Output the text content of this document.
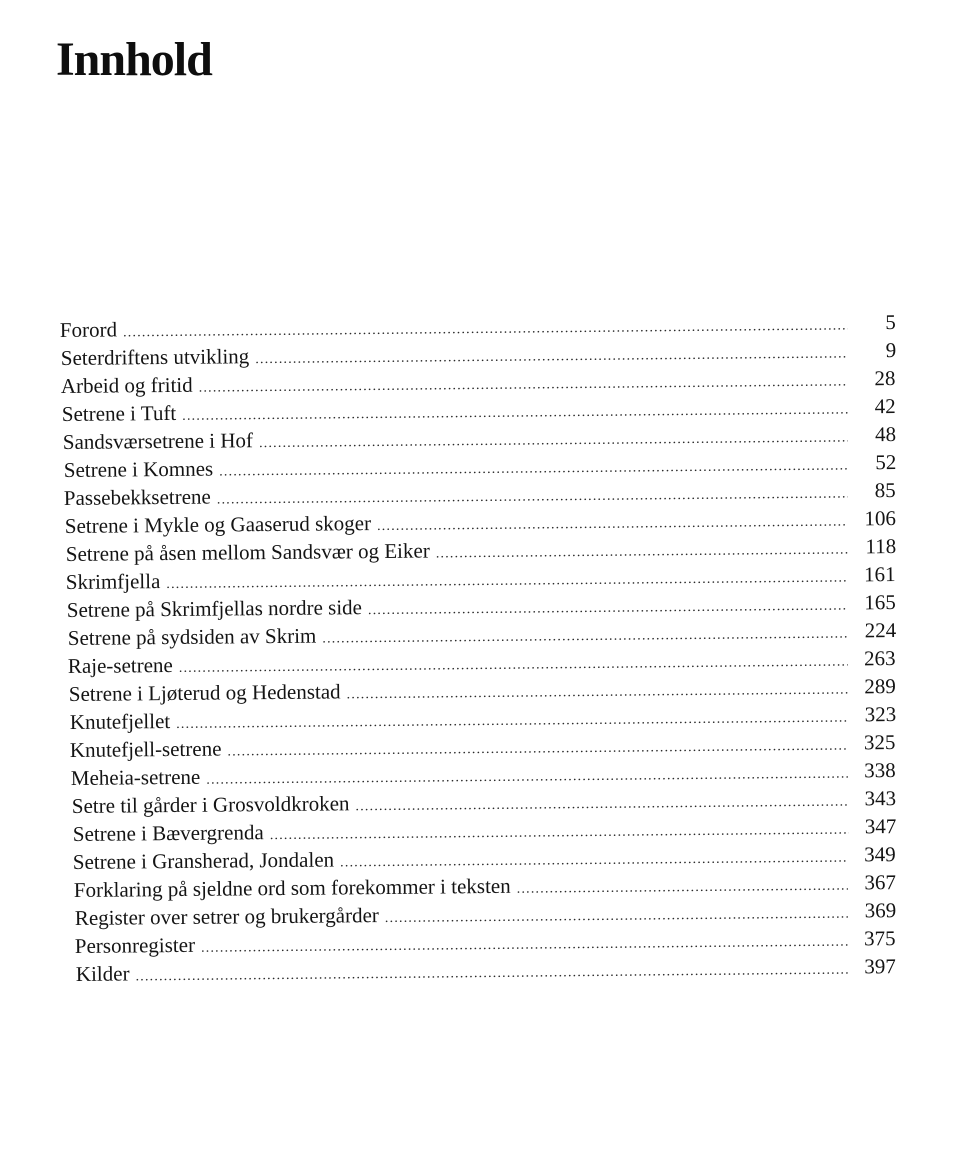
Innhold
Forord .....	5
Seterdriftens utvikling .....	9
Arbeid og fritid .....	28
Setrene i Tuft .....	42
Sandsværsetrene i Hof .....	48
Setrene i Komnes .....	52
Passebekksetrene .....	85
Setrene i Mykle og Gaaserud skoger .....	106
Setrene på åsen mellom Sandsvær og Eiker .....	118
Skrimfjella .....	161
Setrene på Skrimfjellas nordre side .....	165
Setrene på sydsiden av Skrim .....	224
Raje-setrene .....	263
Setrene i Ljøterud og Hedenstad .....	289
Knutefjellet .....	323
Knutefjell-setrene .....	325
Meheia-setrene .....	338
Setre til gårder i Grosvoldkroken .....	343
Setrene i Bævergrenda .....	347
Setrene i Gransherad, Jondalen .....	349
Forklaring på sjeldne ord som forekommer i teksten .....	367
Register over setrer og brukergårder .....	369
Personregister .....	375
Kilder .....	397
